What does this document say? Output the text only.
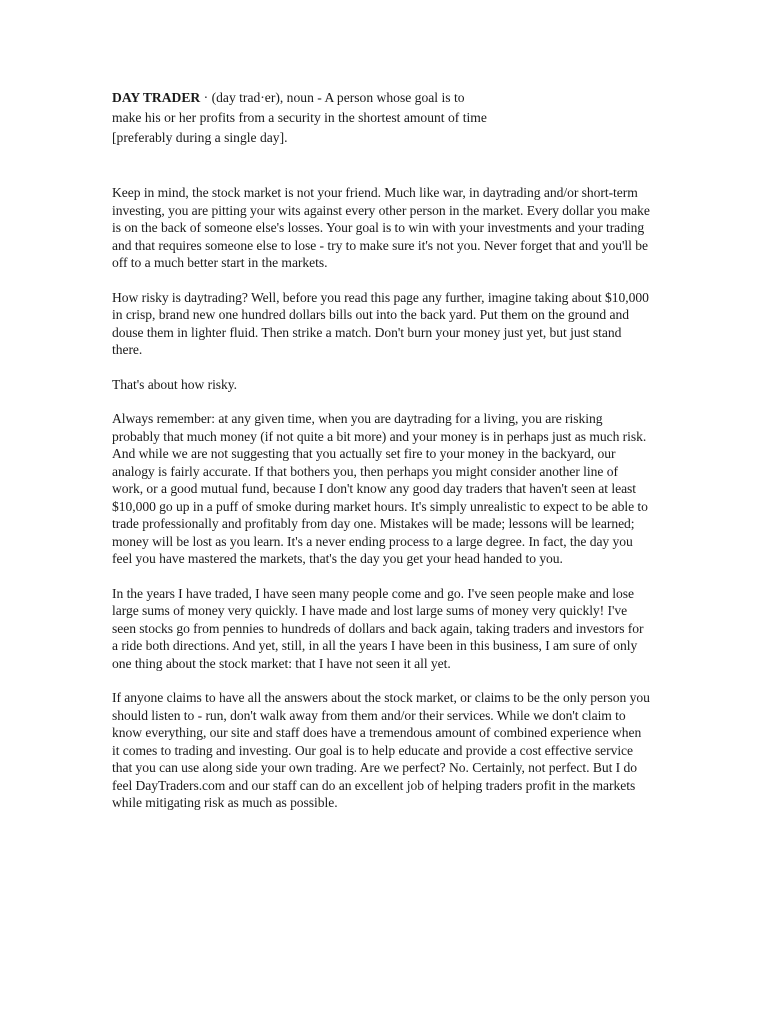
DAY TRADER · (day trad·er), noun - A person whose goal is to make his or her profits from a security in the shortest amount of time [preferably during a single day].

Keep in mind, the stock market is not your friend. Much like war, in daytrading and/or short-term investing, you are pitting your wits against every other person in the market. Every dollar you make is on the back of someone else's losses. Your goal is to win with your investments and your trading and that requires someone else to lose - try to make sure it's not you. Never forget that and you'll be off to a much better start in the markets.

How risky is daytrading? Well, before you read this page any further, imagine taking about $10,000 in crisp, brand new one hundred dollars bills out into the back yard. Put them on the ground and douse them in lighter fluid. Then strike a match. Don't burn your money just yet, but just stand there.

That's about how risky.

Always remember: at any given time, when you are daytrading for a living, you are risking probably that much money (if not quite a bit more) and your money is in perhaps just as much risk. And while we are not suggesting that you actually set fire to your money in the backyard, our analogy is fairly accurate. If that bothers you, then perhaps you might consider another line of work, or a good mutual fund, because I don't know any good day traders that haven't seen at least $10,000 go up in a puff of smoke during market hours. It's simply unrealistic to expect to be able to trade professionally and profitably from day one. Mistakes will be made; lessons will be learned; money will be lost as you learn. It's a never ending process to a large degree. In fact, the day you feel you have mastered the markets, that's the day you get your head handed to you.

In the years I have traded, I have seen many people come and go. I've seen people make and lose large sums of money very quickly. I have made and lost large sums of money very quickly! I've seen stocks go from pennies to hundreds of dollars and back again, taking traders and investors for a ride both directions. And yet, still, in all the years I have been in this business, I am sure of only one thing about the stock market: that I have not seen it all yet.

If anyone claims to have all the answers about the stock market, or claims to be the only person you should listen to - run, don't walk away from them and/or their services. While we don't claim to know everything, our site and staff does have a tremendous amount of combined experience when it comes to trading and investing. Our goal is to help educate and provide a cost effective service that you can use along side your own trading. Are we perfect? No. Certainly, not perfect. But I do feel DayTraders.com and our staff can do an excellent job of helping traders profit in the markets while mitigating risk as much as possible.
